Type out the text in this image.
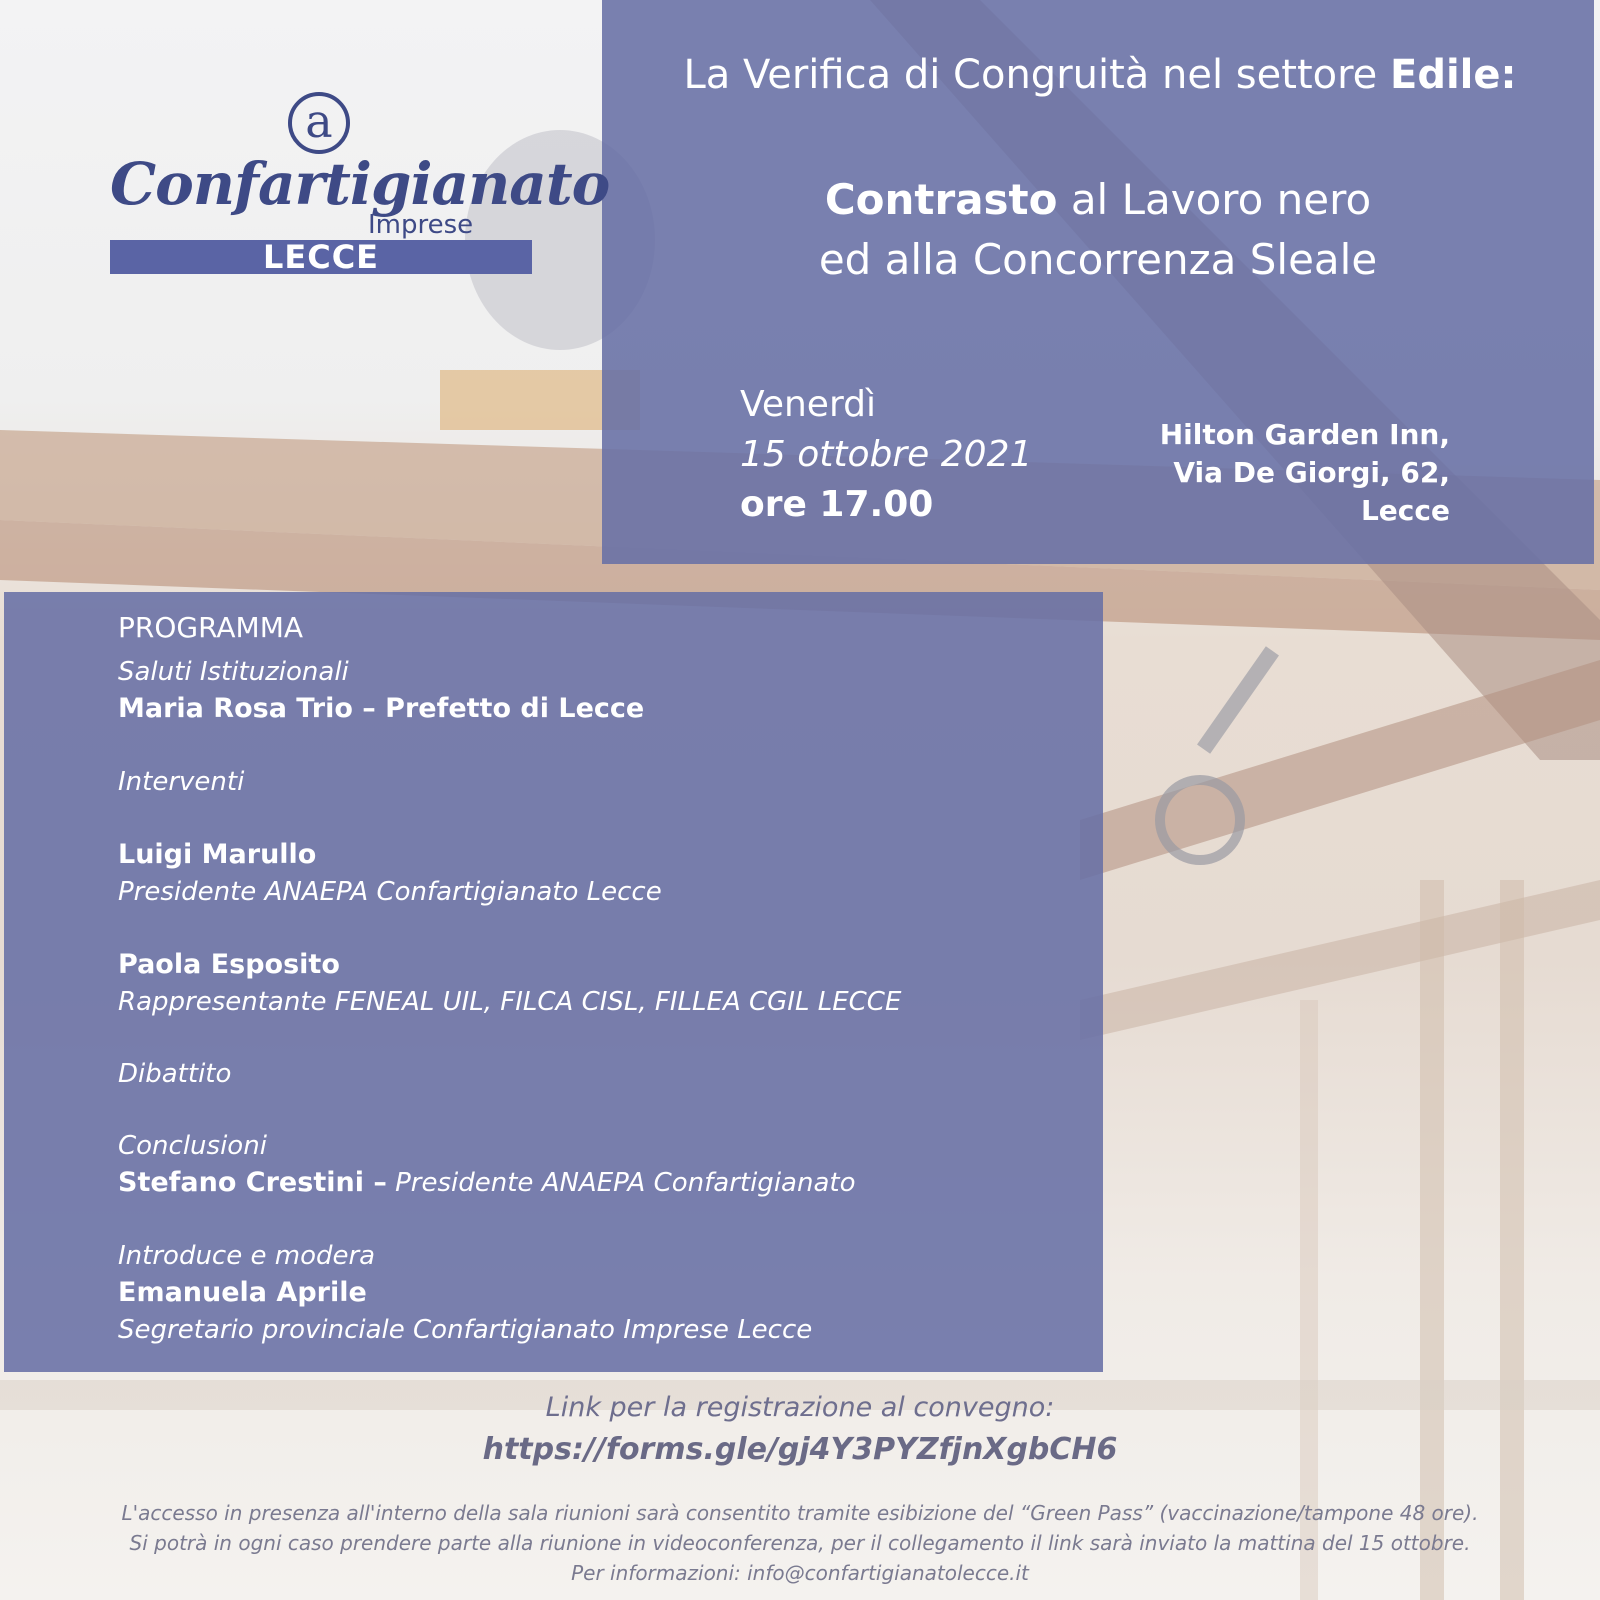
a
Confartigianato
Imprese
LECCE
La Verifica di Congruità nel settore Edile:
Contrasto al Lavoro nero
ed alla Concorrenza Sleale
Venerdì
15 ottobre 2021
ore 17.00
Hilton Garden Inn,
Via De Giorgi, 62,
Lecce
PROGRAMMA
Saluti Istituzionali
Maria Rosa Trio – Prefetto di Lecce
Interventi
Luigi Marullo
Presidente ANAEPA Confartigianato Lecce
Paola Esposito
Rappresentante FENEAL UIL, FILCA CISL, FILLEA CGIL LECCE
Dibattito
Conclusioni
Stefano Crestini – Presidente ANAEPA Confartigianato
Introduce e modera
Emanuela Aprile
Segretario provinciale Confartigianato Imprese Lecce
Link per la registrazione al convegno:
https://forms.gle/gj4Y3PYZfjnXgbCH6
L'accesso in presenza all'interno della sala riunioni sarà consentito tramite esibizione del “Green Pass” (vaccinazione/tampone 48 ore).
Si potrà in ogni caso prendere parte alla riunione in videoconferenza, per il collegamento il link sarà inviato la mattina del 15 ottobre.
Per informazioni: info@confartigianatolecce.it
